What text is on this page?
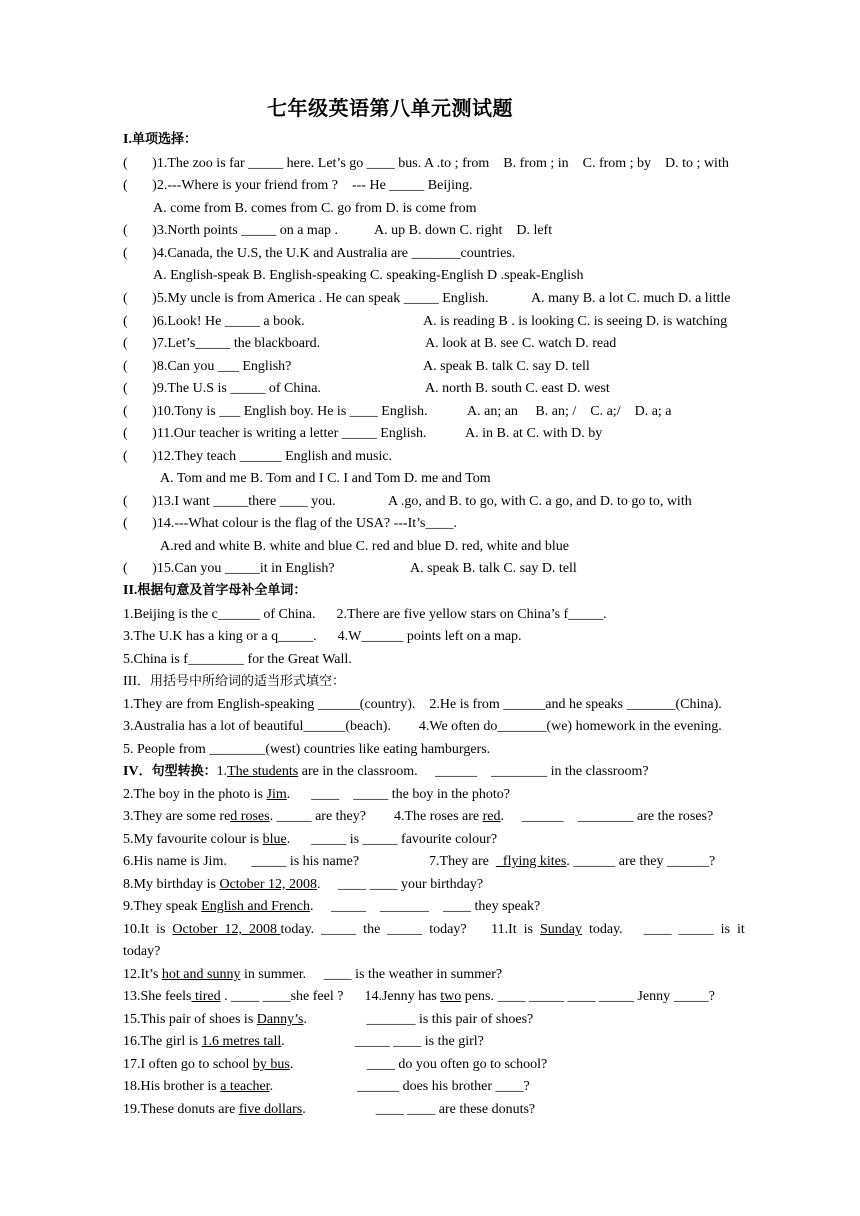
七年级英语第八单元测试题
I.单项选择：
(       )1.The zoo is far _____ here. Let’s go ____ bus. A .to ; from    B. from ; in    C. from ; by    D. to ; with
(       )2.---Where is your friend from ?    --- He _____ Beijing.
A. come from B. comes from C. go from D. is come from
(       )3.North points _____ on a map .	A. up B. down C. right    D. left
(       )4.Canada, the U.S, the U.K and Australia are _______countries.
A. English-speak B. English-speaking C. speaking-English D .speak-English
(       )5.My uncle is from America . He can speak _____ English.	A. many B. a lot C. much D. a little
(       )6.Look! He _____ a book.	A. is reading B . is looking C. is seeing D. is watching
(       )7.Let’s_____ the blackboard.	A. look at B. see C. watch D. read
(       )8.Can you ___ English?	A. speak B. talk C. say D. tell
(       )9.The U.S is _____ of China.	A. north B. south C. east D. west
(       )10.Tony is ___ English boy. He is ____ English.	A. an; an     B. an; /    C. a;/    D. a; a
(       )11.Our teacher is writing a letter _____ English.	A. in B. at C. with D. by
(       )12.They teach ______ English and music.
A. Tom and me B. Tom and I C. I and Tom D. me and Tom
(       )13.I want _____there ____ you.	A .go, and B. to go, with C. a go, and D. to go to, with
(       )14.---What colour is the flag of the USA? ---It’s____.
A.red and white B. white and blue C. red and blue D. red, white and blue
(       )15.Can you _____it in English?	A. speak B. talk C. say D. tell
II.根据句意及首字母补全单词：
1.Beijing is the c______ of China.      2.There are five yellow stars on China’s f_____.
3.The U.K has a king or a q_____.      4.W______ points left on a map.
5.China is f________ for the Great Wall.
III．用括号中所给词的适当形式填空：
1.They are from English-speaking ______(country).    2.He is from ______and he speaks _______(China).
3.Australia has a lot of beautiful______(beach).        4.We often do_______(we) homework in the evening.
5. People from ________(west) countries like eating hamburgers.
IV．句型转换：1.The students are in the classroom.     ______    ________ in the classroom?
2.The boy in the photo is Jim.      ____    _____ the boy in the photo?
3.They are some red roses. _____ are they?        4.The roses are red.     ______    ________ are the roses?
5.My favourite colour is blue.      _____ is _____ favourite colour?
6.His name is Jim.       _____ is his name?                    7.They are  _flying kites. ______ are they ______?
8.My birthday is October 12, 2008.     ____ ____ your birthday?
9.They speak English and French.     _____    _______    ____ they speak?
10.It  is  October  12,  2008 today.  _____  the  _____  today?       11.It  is  Sunday  today.      ____  _____  is  it
today?
12.It’s hot and sunny in summer.     ____ is the weather in summer?
13.She feels tired . ____ ____she feel ?      14.Jenny has two pens. ____ _____ ____ _____ Jenny _____?
15.This pair of shoes is Danny’s.                 _______ is this pair of shoes?
16.The girl is 1.6 metres tall.                    _____ ____ is the girl?
17.I often go to school by bus.                     ____ do you often go to school?
18.His brother is a teacher.                        ______ does his brother ____?
19.These donuts are five dollars.                    ____ ____ are these donuts?
